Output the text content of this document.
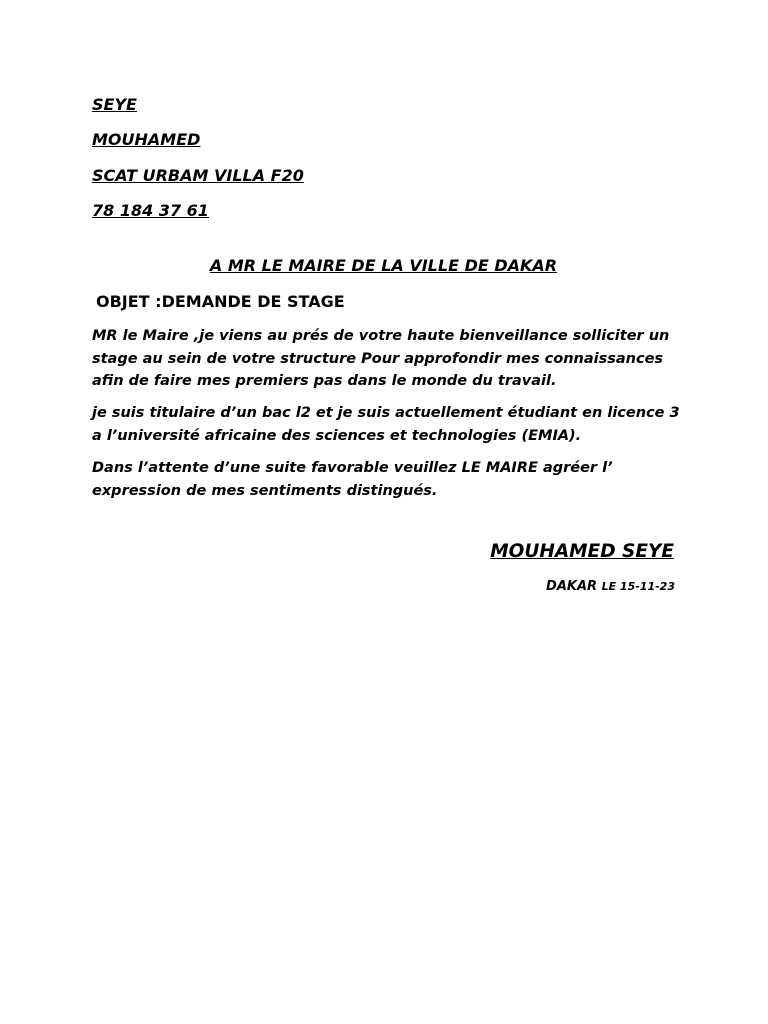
SEYE
MOUHAMED
SCAT URBAM VILLA F20
78 184 37 61
A MR LE MAIRE DE LA VILLE DE DAKAR
OBJET :DEMANDE DE STAGE
MR le Maire ,je viens au prés de votre haute bienveillance solliciter un stage au sein de votre structure Pour approfondir mes connaissances afin de faire mes premiers pas dans le monde du travail.
je suis titulaire d’un bac l2 et je suis actuellement étudiant en licence 3 a l’université africaine des sciences et technologies (EMIA).
Dans l’attente d’une suite favorable veuillez LE MAIRE agréer l’ expression de mes sentiments distingués.
MOUHAMED SEYE
DAKAR LE 15-11-23
